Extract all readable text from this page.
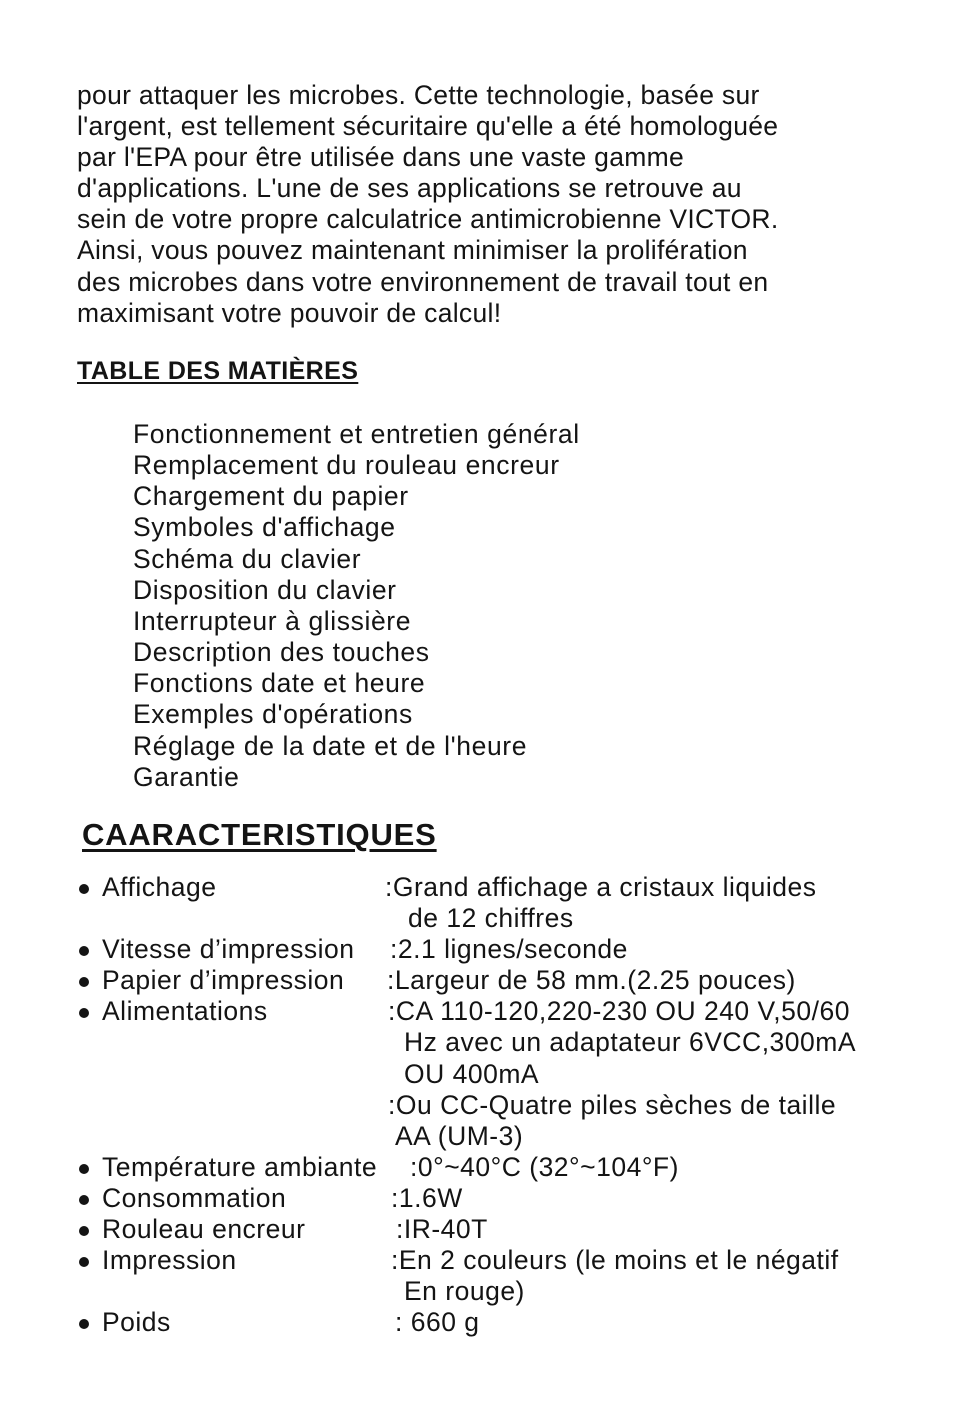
pour attaquer les microbes. Cette technologie, basée sur
l'argent, est tellement sécuritaire qu'elle a été homologuée
par l'EPA pour être utilisée dans une vaste gamme
d'applications. L'une de ses applications se retrouve au
sein de votre propre calculatrice antimicrobienne VICTOR.
Ainsi, vous pouvez maintenant minimiser la prolifération
des microbes dans votre environnement de travail tout en
maximisant votre pouvoir de calcul!
TABLE DES MATIÈRES
Fonctionnement et entretien général
Remplacement du rouleau encreur
Chargement du papier
Symboles d'affichage
Schéma du clavier
Disposition du clavier
Interrupteur à glissière
Description des touches
Fonctions date et heure
Exemples d'opérations
Réglage de la date et de l'heure
Garantie
CAARACTERISTIQUES
Affichage	:Grand affichage a cristaux liquides
de 12 chiffres
Vitesse d’impression :2.1 lignes/seconde
Papier d’impression :Largeur de 58 mm.(2.25 pouces)
Alimentations	:CA 110-120,220-230 OU 240 V,50/60
Hz avec un adaptateur 6VCC,300mA
OU 400mA
:Ou CC-Quatre piles sèches de taille
AA (UM-3)
Température ambiante :0°~40°C (32°~104°F)
Consommation	:1.6W
Rouleau encreur	:IR-40T
Impression	:En 2 couleurs (le moins et le négatif
En rouge)
Poids	: 660 g
